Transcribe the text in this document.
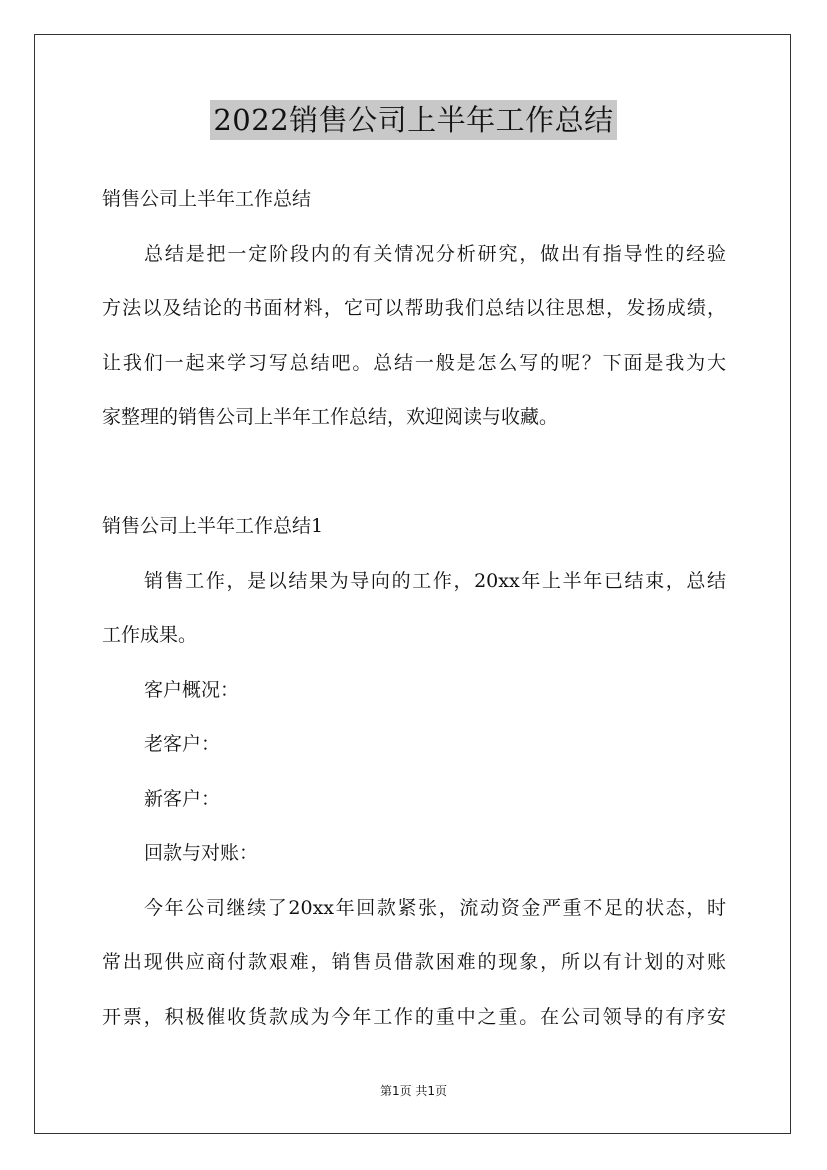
2022销售公司上半年工作总结
销售公司上半年工作总结
总结是把一定阶段内的有关情况分析研究，做出有指导性的经验
方法以及结论的书面材料，它可以帮助我们总结以往思想，发扬成绩，
让我们一起来学习写总结吧。总结一般是怎么写的呢？下面是我为大
家整理的销售公司上半年工作总结，欢迎阅读与收藏。
销售公司上半年工作总结1
销售工作，是以结果为导向的工作，20xx年上半年已结束，总结
工作成果。
客户概况：
老客户：
新客户：
回款与对账：
今年公司继续了20xx年回款紧张，流动资金严重不足的状态，时
常出现供应商付款艰难，销售员借款困难的现象，所以有计划的对账
开票，积极催收货款成为今年工作的重中之重。在公司领导的有序安
第1页 共1页
